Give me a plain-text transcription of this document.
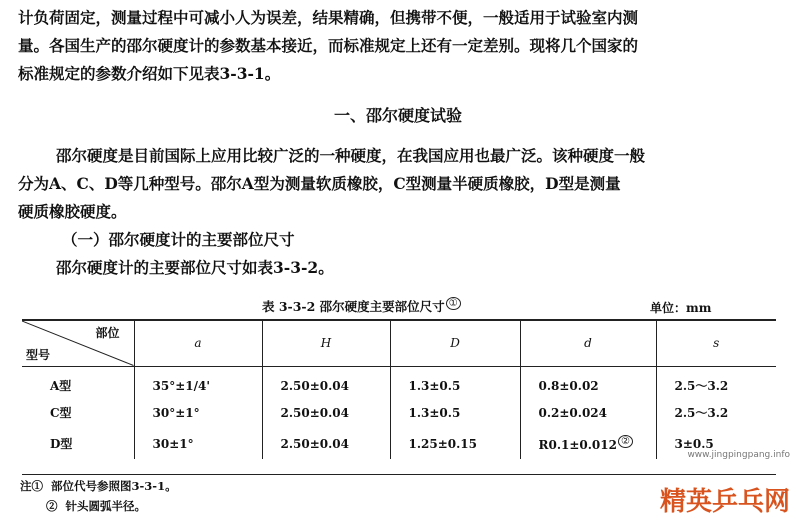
计负荷固定，测量过程中可减小人为误差，结果精确，但携带不便，一般适用于试验室内测

量。各国生产的邵尔硬度计的参数基本接近，而标准规定上还有一定差别。现将几个国家的

标准规定的参数介绍如下见表3-3-1。

一、邵尔硬度试验

邵尔硬度是目前国际上应用比较广泛的一种硬度，在我国应用也最广泛。该种硬度一般

分为A、C、D等几种型号。邵尔A型为测量软质橡胶，C型测量半硬质橡胶，D型是测量

硬质橡胶硬度。

（一）邵尔硬度计的主要部位尺寸

邵尔硬度计的主要部位尺寸如表3-3-2。

表 3-3-2 邵尔硬度主要部位尺寸 ①	单位：mm
部位
型号	a	H	D	d	s
A型	35°±1/4'	2.50±0.04	1.3±0.5	0.8±0.02	2.5～3.2
C型	30°±1°	2.50±0.04	1.3±0.5	0.2±0.024	2.5～3.2
D型	30±1°	2.50±0.04	1.25±0.15	R0.1±0.012 ②	3±0.5
注① 部位代号参照图3-3-1。
② 针头圆弧半径。
www.jingpingpang.info
精英乒乓网
